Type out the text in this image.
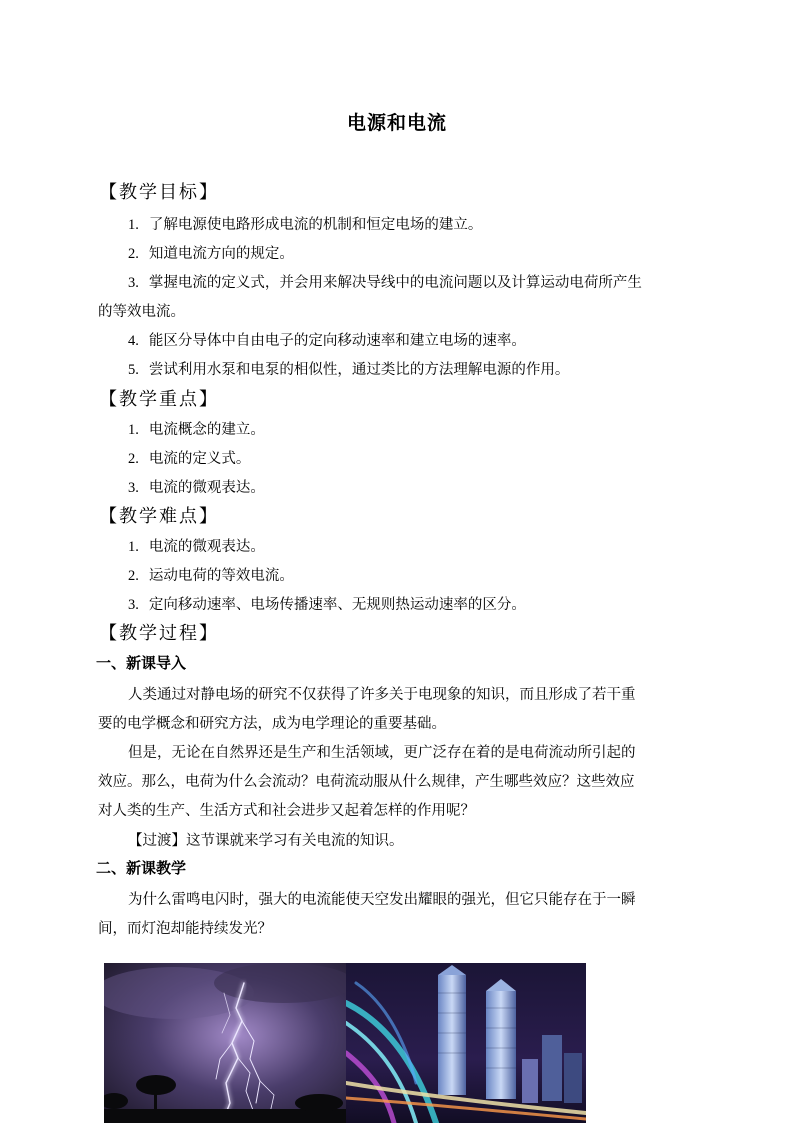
电源和电流
【教学目标】
1. 了解电源使电路形成电流的机制和恒定电场的建立。
2. 知道电流方向的规定。
3. 掌握电流的定义式，并会用来解决导线中的电流问题以及计算运动电荷所产生
的等效电流。
4. 能区分导体中自由电子的定向移动速率和建立电场的速率。
5. 尝试利用水泵和电泵的相似性，通过类比的方法理解电源的作用。
【教学重点】
1. 电流概念的建立。
2. 电流的定义式。
3. 电流的微观表达。
【教学难点】
1. 电流的微观表达。
2. 运动电荷的等效电流。
3. 定向移动速率、电场传播速率、无规则热运动速率的区分。
【教学过程】
一、新课导入
人类通过对静电场的研究不仅获得了许多关于电现象的知识，而且形成了若干重
要的电学概念和研究方法，成为电学理论的重要基础。
但是，无论在自然界还是生产和生活领域，更广泛存在着的是电荷流动所引起的
效应。那么，电荷为什么会流动？电荷流动服从什么规律，产生哪些效应？这些效应
对人类的生产、生活方式和社会进步又起着怎样的作用呢？
【过渡】这节课就来学习有关电流的知识。
二、新课教学
为什么雷鸣电闪时，强大的电流能使天空发出耀眼的强光，但它只能存在于一瞬
间，而灯泡却能持续发光？
